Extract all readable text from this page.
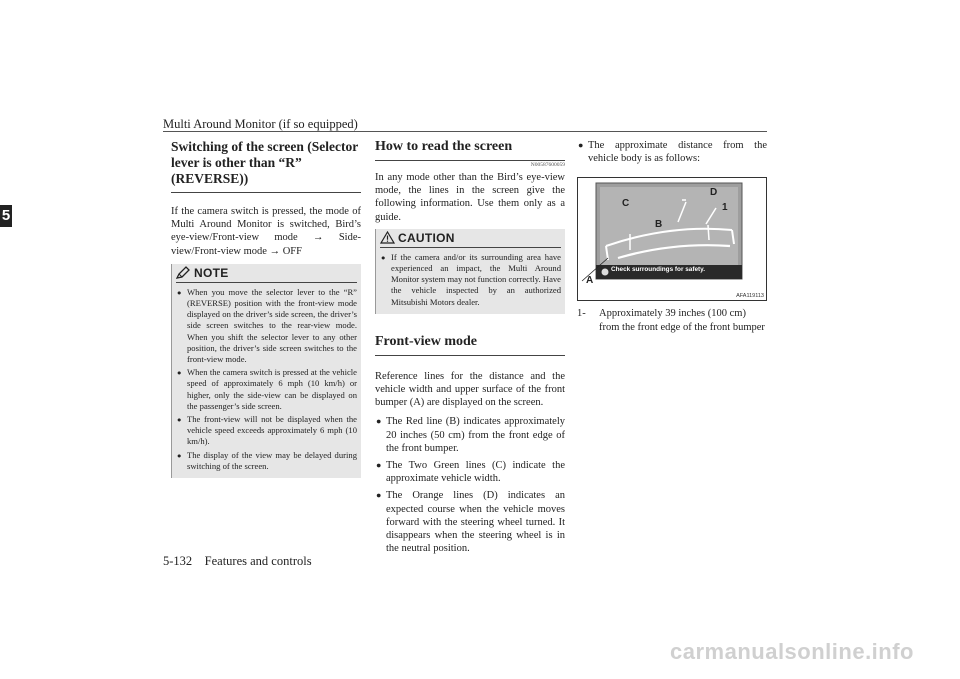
Multi Around Monitor (if so equipped)
5
5-132    Features and controls
Switching of the screen (Selector lever is other than “R” (REVERSE))
If the camera switch is pressed, the mode of Multi Around Monitor is switched, Bird’s eye-view/Front-view mode → Side-view/Front-view mode → OFF
NOTE
● When you move the selector lever to the “R” (REVERSE) position with the front-view mode displayed on the driver’s side screen, the driver’s side screen switches to the rear-view mode. When you shift the selector lever to any other position, the driver’s side screen switches to the front-view mode.
● When the camera switch is pressed at the vehicle speed of approximately 6 mph (10 km/h) or higher, only the side-view can be displayed on the passenger’s side screen.
● The front-view will not be displayed when the vehicle speed exceeds approximately 6 mph (10 km/h).
● The display of the view may be delayed during switching of the screen.
How to read the screen
N00587600059
In any mode other than the Bird’s eye-view mode, the lines in the screen give the following information. Use them only as a guide.
CAUTION
● If the camera and/or its surrounding area have experienced an impact, the Multi Around Monitor system may not function correctly. Have the vehicle inspected by an authorized Mitsubishi Motors dealer.
Front-view mode
Reference lines for the distance and the vehicle width and upper surface of the front bumper (A) are displayed on the screen.
● The Red line (B) indicates approximately 20 inches (50 cm) from the front edge of the front bumper.
● The Two Green lines (C) indicate the approximate vehicle width.
● The Orange lines (D) indicates an expected course when the vehicle moves forward with the steering wheel turned. It disappears when the steering wheel is in the neutral position.
● The approximate distance from the vehicle body is as follows:
Check surroundings for safety.
C
B
D
1
A
AFA119113
1-	Approximately 39 inches (100 cm) from the front edge of the front bumper
carmanualsonline.info
